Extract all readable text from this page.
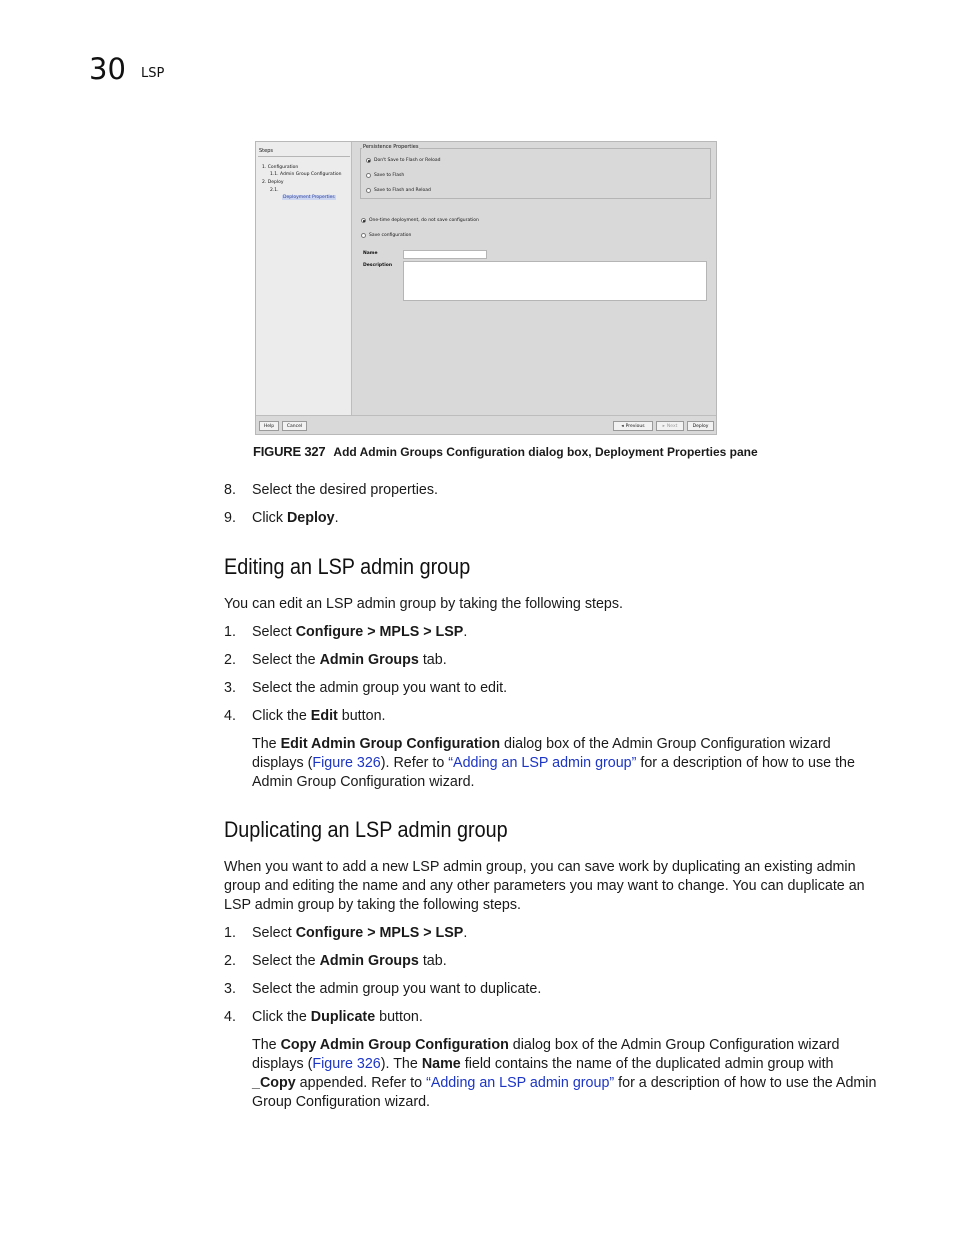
30 LSP
Steps
1. Configuration
1.1. Admin Group Configuration
2. Deploy
2.1.
Deployment Properties
Persistence Properties
Don't Save to Flash or Reload
Save to Flash
Save to Flash and Reload
One-time deployment, do not save configuration
Save configuration
Name
Description
Help	Cancel	◂ Previous	▸ Next	Deploy
FIGURE 327 Add Admin Groups Configuration dialog box, Deployment Properties pane
8. Select the desired properties.
9. Click Deploy.
Editing an LSP admin group
You can edit an LSP admin group by taking the following steps.
1. Select Configure > MPLS > LSP.
2. Select the Admin Groups tab.
3. Select the admin group you want to edit.
4. Click the Edit button.
The Edit Admin Group Configuration dialog box of the Admin Group Configuration wizard displays (Figure 326). Refer to “Adding an LSP admin group” for a description of how to use the Admin Group Configuration wizard.
Duplicating an LSP admin group
When you want to add a new LSP admin group, you can save work by duplicating an existing admin group and editing the name and any other parameters you may want to change. You can duplicate an LSP admin group by taking the following steps.
1. Select Configure > MPLS > LSP.
2. Select the Admin Groups tab.
3. Select the admin group you want to duplicate.
4. Click the Duplicate button.
The Copy Admin Group Configuration dialog box of the Admin Group Configuration wizard displays (Figure 326). The Name field contains the name of the duplicated admin group with _Copy appended. Refer to “Adding an LSP admin group” for a description of how to use the Admin Group Configuration wizard.
